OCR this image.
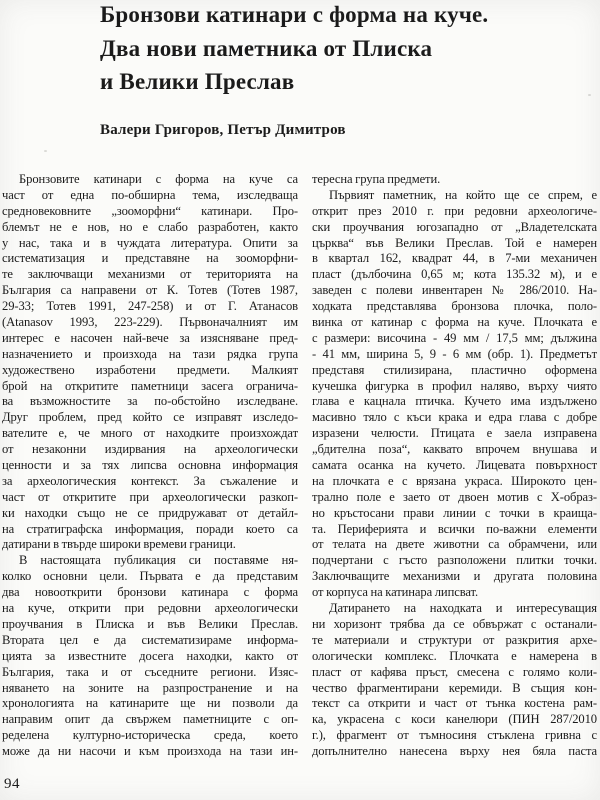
Бронзови катинари с форма на куче.
Два нови паметника от Плиска
и Велики Преслав
Валери Григоров, Петър Димитров
Бронзовите катинари с форма на куче са
част от една по-обширна тема, изследваща
средновековните „зооморфни“ катинари. Про-
блемът не е нов, но е слабо разработен, както
у нас, така и в чуждата литература. Опити за
систематизация и представяне на зооморфни-
те заключващи механизми от територията на
България са направени от К. Тотев (Тотев 1987,
29-33; Тотев 1991, 247-258) и от Г. Атанасов
(Atanasov 1993, 223-229). Първоначалният им
интерес е насочен най-вече за изясняване пред-
назначението и произхода на тази рядка група
художествено изработени предмети. Малкият
брой на откритите паметници засега огранича-
ва възможностите за по-обстойно изследване.
Друг проблем, пред който се изправят изследо-
вателите е, че много от находките произхождат
от незаконни издирвания на археологически
ценности и за тях липсва основна информация
за археологическия контекст. За съжаление и
част от откритите при археологически разкоп-
ки находки също не се придружават от детайл-
на стратиграфска информация, поради което са
датирани в твърде широки времеви граници.
В настоящата публикация си поставяме ня-
колко основни цели. Първата е да представим
два новооткрити бронзови катинара с форма
на куче, открити при редовни археологически
проучвания в Плиска и във Велики Преслав.
Втората цел е да систематизираме информа-
цията за известните досега находки, както от
България, така и от съседните региони. Изяс-
няването на зоните на разпространение и на
хронологията на катинарите ще ни позволи да
направим опит да свържем паметниците с оп-
ределена културно-историческа среда, което
може да ни насочи и към произхода на тази ин-
тересна група предмети.
Първият паметник, на който ще се спрем, е
открит през 2010 г. при редовни археологиче-
ски проучвания югозападно от „Владетелската
църква“ във Велики Преслав. Той е намерен
в квартал 162, квадрат 44, в 7-ми механичен
пласт (дълбочина 0,65 м; кота 135.32 м), и е
заведен с полеви инвентарен № 286/2010. На-
ходката представлява бронзова плочка, поло-
винка от катинар с форма на куче. Плочката е
с размери: височина - 49 мм / 17,5 мм; дължина
- 41 мм, ширина 5, 9 - 6 мм (обр. 1). Предметът
представя стилизирана, пластично оформена
кучешка фигурка в профил наляво, върху чиято
глава е кацнала птичка. Кучето има издължено
масивно тяло с къси крака и едра глава с добре
изразени челюсти. Птицата е заела изправена
„бдителна поза“, каквато впрочем внушава и
самата осанка на кучето. Лицевата повърхност
на плочката е с врязана украса. Широкото цен-
трално поле е заето от двоен мотив с Х-образ-
но кръстосани прави линии с точки в краища-
та. Периферията и всички по-важни елементи
от телата на двете животни са обрамчени, или
подчертани с гъсто разположени плитки точки.
Заключващите механизми и другата половина
от корпуса на катинара липсват.
Датирането на находката и интересуващия
ни хоризонт трябва да се обвържат с останали-
те материали и структури от разкрития архе-
ологически комплекс. Плочката е намерена в
пласт от кафява пръст, смесена с голямо коли-
чество фрагментирани керемиди. В същия кон-
текст са открити и част от тънка костена рам-
ка, украсена с коси канелюри (ПИН 287/2010
г.), фрагмент от тъмносиня стъклена гривна с
допълнително нанесена върху нея бяла паста
94
